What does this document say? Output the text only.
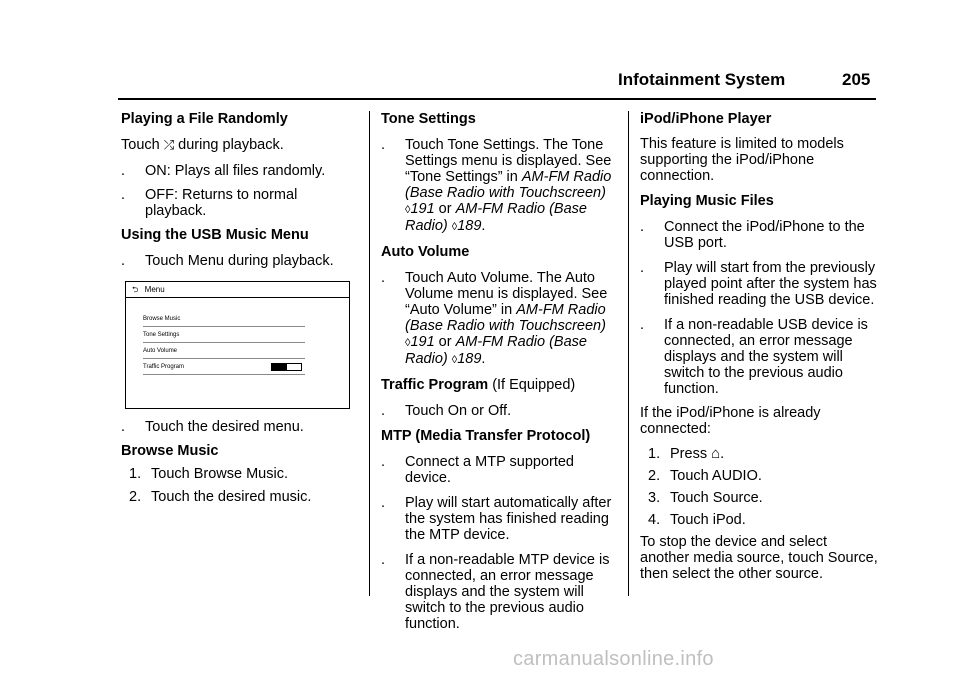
Infotainment System	205
Playing a File Randomly

Touch ⤮ during playback.

. ON: Plays all files randomly.
. OFF: Returns to normal playback.
Using the USB Music Menu
. Touch Menu during playback.
⮌ Menu
Browse Music
Tone Settings
Auto Volume
Traffic Program
. Touch the desired menu.
Browse Music
1. Touch Browse Music.
2. Touch the desired music.
Tone Settings
. Touch Tone Settings. The Tone Settings menu is displayed. See “Tone Settings” in AM-FM Radio (Base Radio with Touchscreen) ◊191 or AM-FM Radio (Base Radio) ◊189.
Auto Volume
. Touch Auto Volume. The Auto Volume menu is displayed. See “Auto Volume” in AM-FM Radio (Base Radio with Touchscreen) ◊191 or AM-FM Radio (Base Radio) ◊189.

Traffic Program (If Equipped)

. Touch On or Off.
MTP (Media Transfer Protocol)
. Connect a MTP supported device.
. Play will start automatically after the system has finished reading the MTP device.
. If a non-readable MTP device is connected, an error message displays and the system will switch to the previous audio function.
iPod/iPhone Player

This feature is limited to models supporting the iPod/iPhone connection.

Playing Music Files
. Connect the iPod/iPhone to the USB port.
. Play will start from the previously played point after the system has finished reading the USB device.
. If a non-readable USB device is connected, an error message displays and the system will switch to the previous audio function.

If the iPod/iPhone is already connected:

1. Press ⌂.
2. Touch AUDIO.
3. Touch Source.
4. Touch iPod.

To stop the device and select another media source, touch Source, then select the other source.

carmanualsonline.info
